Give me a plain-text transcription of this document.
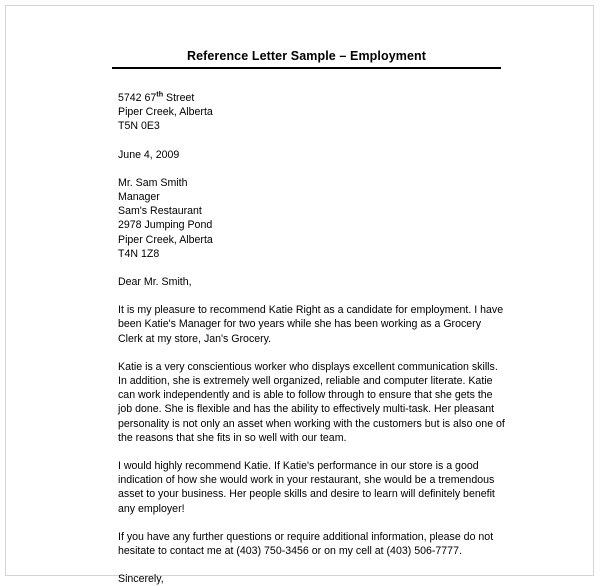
Reference Letter Sample – Employment
5742 67th Street
Piper Creek, Alberta
T5N 0E3
June 4, 2009
Mr. Sam Smith
Manager
Sam's Restaurant
2978 Jumping Pond
Piper Creek, Alberta
T4N 1Z8
Dear Mr. Smith,
It is my pleasure to recommend Katie Right as a candidate for employment. I have been Katie's Manager for two years while she has been working as a Grocery Clerk at my store, Jan's Grocery.
Katie is a very conscientious worker who displays excellent communication skills. In addition, she is extremely well organized, reliable and computer literate. Katie can work independently and is able to follow through to ensure that she gets the job done. She is flexible and has the ability to effectively multi-task. Her pleasant personality is not only an asset when working with the customers but is also one of the reasons that she fits in so well with our team.
I would highly recommend Katie. If Katie's performance in our store is a good indication of how she would work in your restaurant, she would be a tremendous asset to your business. Her people skills and desire to learn will definitely benefit any employer!
If you have any further questions or require additional information, please do not hesitate to contact me at (403) 750-3456 or on my cell at (403) 506-7777.
Sincerely,
